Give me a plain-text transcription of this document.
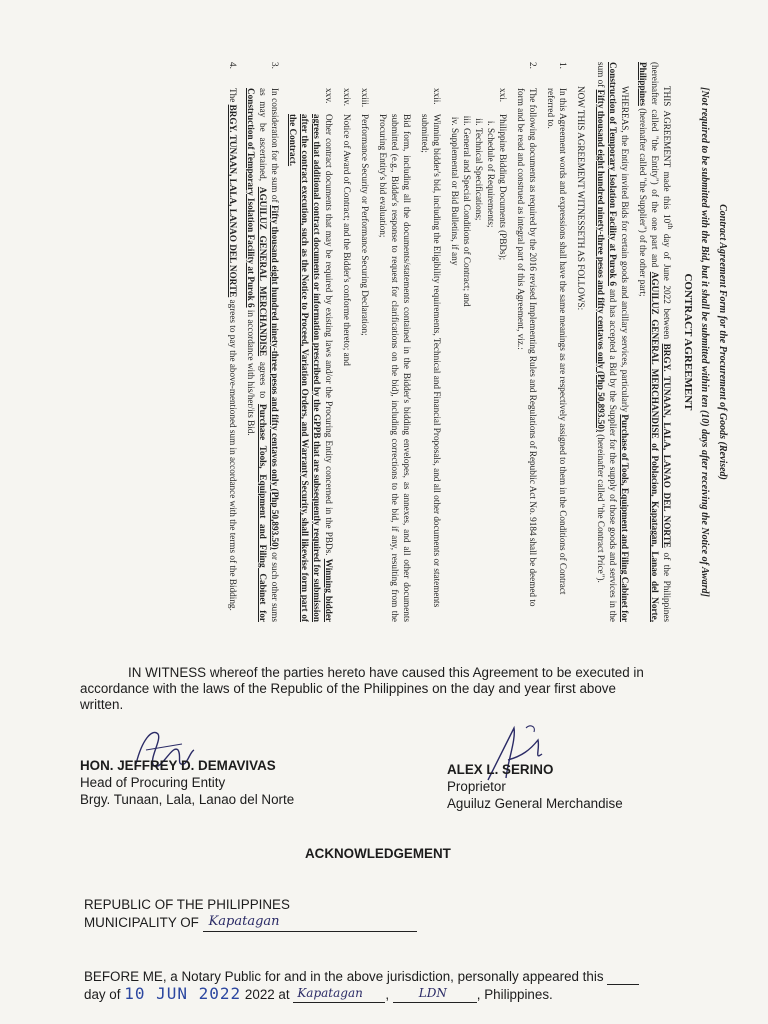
Contract Agreement Form for the Procurement of Goods (Revised)

[Not required to be submitted with the Bid, but it shall be submitted within ten (10) days after receiving the Notice of Award]

CONTRACT AGREEMENT

THIS AGREEMENT made this 10th day of June 2022 between BRGY. TUNAAN, LALA, LANAO DEL NORTE of the Philippines (hereinafter called "the Entity") of the one part and AGUILUZ GENERAL MERCHANDISE of Poblacion, Kapatagan, Lanao del Norte, Philippines (hereinafter called "the Supplier") of the other part;

WHEREAS, the Entity invited Bids for certain goods and ancillary services, particularly Purchase of Tools, Equipment and Filing Cabinet for Construction of Temporary Isolation Facility at Purok 6 and has accepted a Bid by the Supplier for the supply of those goods and services in the sum of Fifty thousand eight hundred ninety-three pesos and fifty centavos only (Php 50,893.50) (hereinafter called "the Contract Price").

NOW THIS AGREEMENT WITNESSETH AS FOLLOWS:

1.
In this Agreement words and expressions shall have the same meanings as are respectively assigned to them in the Conditions of Contract referred to.

2.
The following documents as required by the 2016 revised Implementing Rules and Regulations of Republic Act No. 9184 shall be deemed to form and be read and construed as integral part of this Agreement, viz.:

xxi.
Philippine Bidding Documents (PBDs);
i. Schedule of Requirements;
ii. Technical Specifications;
iii. General and Special Conditions of Contract; and
iv. Supplemental or Bid Bulletins, if any

xxii.
Winning bidder's bid, including the Eligibility requirements, Technical and Financial Proposals, and all other documents or statements submitted;

Bid form, including all the documents/statements contained in the Bidder's bidding envelopes, as annexes, and all other documents submitted (e.g., Bidder's response to request for clarifications on the bid), including corrections to the bid, if any, resulting from the Procuring Entity's bid evaluation;

xxiii.
Performance Security or Performance Securing Declaration;

xxiv.
Notice of Award of Contract; and the Bidder's conforme thereto; and

xxv.
Other contract documents that may be required by existing laws and/or the Procuring Entity concerned in the PBDs. Winning bidder agrees that additional contract documents or information prescribed by the GPPB that are subsequently required for submission after the contract execution, such as the Notice to Proceed, Variation Orders, and Warranty Security, shall likewise form part of the Contract.

3.
In consideration for the sum of Fifty thousand eight hundred ninety-three pesos and fifty centavos only (Php 50,893.50) or such other sums as may be ascertained, AGUILUZ GENERAL MERCHANDISE agrees to Purchase Tools, Equipment and Filing Cabinet for Construction of Temporary Isolation Facility at Purok 6 in accordance with his/her/its Bid.

4.
The BRGY. TUNAAN, LALA, LANAO DEL NORTE agrees to pay the above-mentioned sum in accordance with the terms of the Bidding.

IN WITNESS whereof the parties hereto have caused this Agreement to be executed in
accordance with the laws of the Republic of the Philippines on the day and year first above
written.
HON. JEFFREY D. DEMAVIVAS
Head of Procuring Entity
Brgy. Tunaan, Lala, Lanao del Norte
ALEX L. SERINO
Proprietor
Aguiluz General Merchandise
ACKNOWLEDGEMENT
REPUBLIC OF THE PHILIPPINES
MUNICIPALITY OF Kapatagan
BEFORE ME, a Notary Public for and in the above jurisdiction, personally appeared this
day of 10 JUN 2022 2022 at Kapatagan , LDN , Philippines.
